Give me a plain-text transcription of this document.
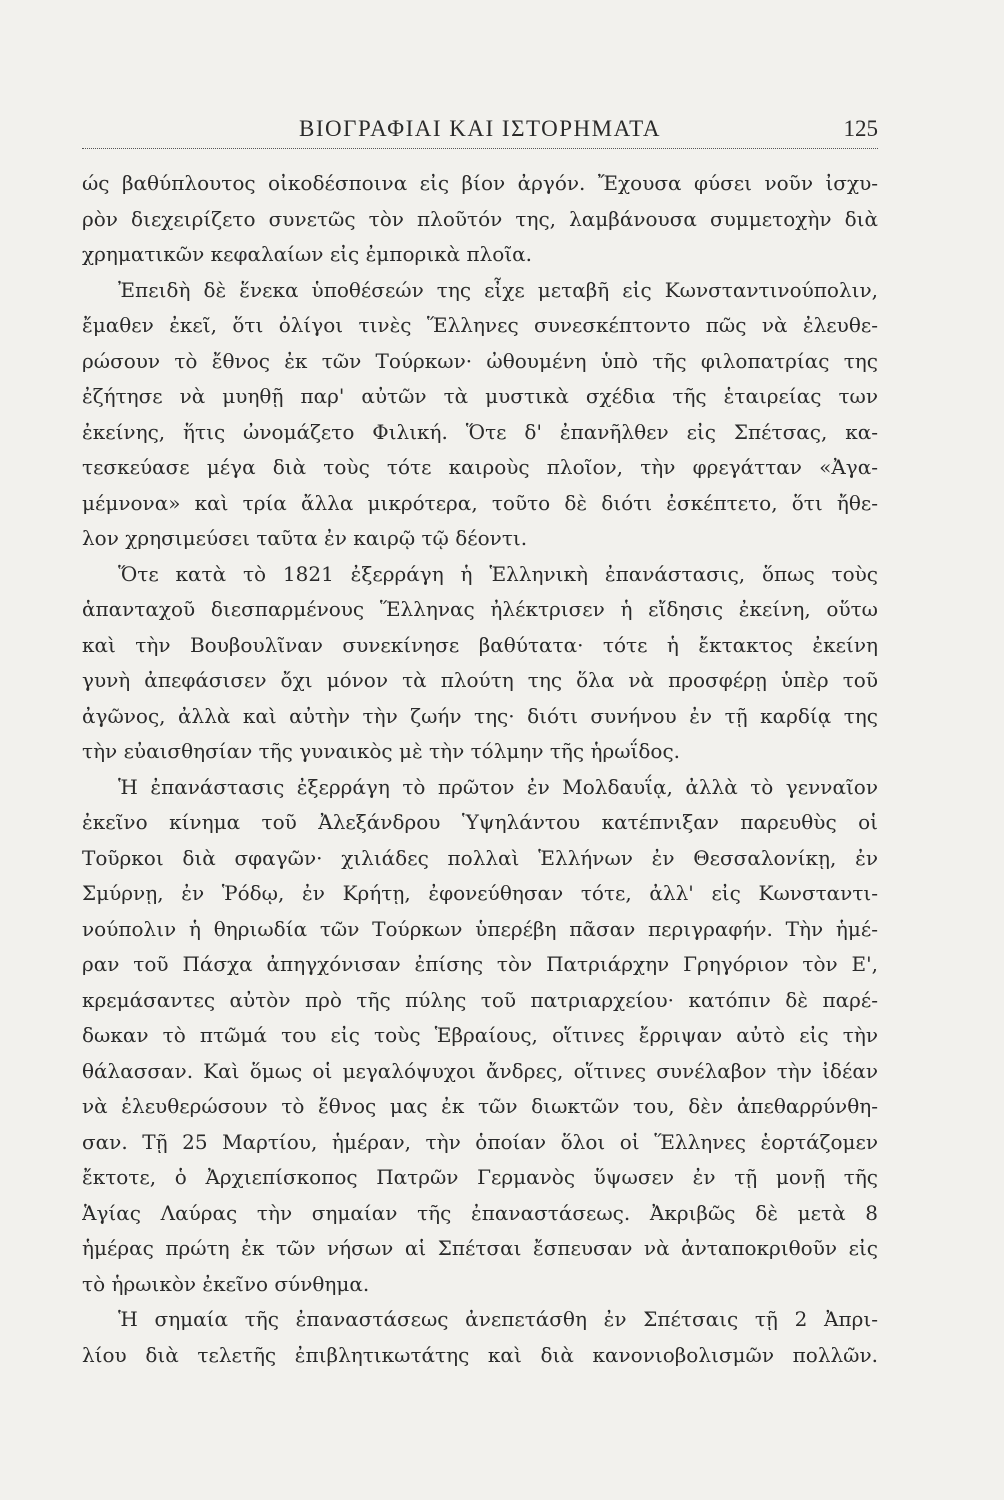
ΒΙΟΓΡΑΦΙΑΙ ΚΑΙ ΙΣΤΟΡΗΜΑΤΑ	125
ώς βαθύπλουτος οἰκοδέσποινα εἰς βίον ἀργόν. Ἔχουσα φύσει νοῦν ἰσχυ-
ρὸν διεχειρίζετο συνετῶς τὸν πλοῦτόν της, λαμβάνουσα συμμετοχὴν διὰ
χρηματικῶν κεφαλαίων εἰς ἐμπορικὰ πλοῖα.
Ἐπειδὴ δὲ ἕνεκα ὑποθέσεών της εἶχε μεταβῆ εἰς Κωνσταντινούπολιν,
ἔμαθεν ἐκεῖ, ὅτι ὀλίγοι τινὲς Ἕλληνες συνεσκέπτοντο πῶς νὰ ἐλευθε-
ρώσουν τὸ ἔθνος ἐκ τῶν Τούρκων· ὠθουμένη ὑπὸ τῆς φιλοπατρίας της
ἐζήτησε νὰ μυηθῇ παρ' αὐτῶν τὰ μυστικὰ σχέδια τῆς ἑταιρείας των
ἐκείνης, ἥτις ὠνομάζετο Φιλική. Ὅτε δ' ἐπανῆλθεν εἰς Σπέτσας, κα-
τεσκεύασε μέγα διὰ τοὺς τότε καιροὺς πλοῖον, τὴν φρεγάτταν «Ἀγα-
μέμνονα» καὶ τρία ἄλλα μικρότερα, τοῦτο δὲ διότι ἐσκέπτετο, ὅτι ἤθε-
λον χρησιμεύσει ταῦτα ἐν καιρῷ τῷ δέοντι.
Ὅτε κατὰ τὸ 1821 ἐξερράγη ἡ Ἑλληνικὴ ἐπανάστασις, ὅπως τοὺς
ἁπανταχοῦ διεσπαρμένους Ἕλληνας ἠλέκτρισεν ἡ εἴδησις ἐκείνη, οὕτω
καὶ τὴν Βουβουλῖναν συνεκίνησε βαθύτατα· τότε ἡ ἔκτακτος ἐκείνη
γυνὴ ἀπεφάσισεν ὄχι μόνον τὰ πλούτη της ὅλα νὰ προσφέρῃ ὑπὲρ τοῦ
ἀγῶνος, ἀλλὰ καὶ αὐτὴν τὴν ζωήν της· διότι συνήνου ἐν τῇ καρδίᾳ της
τὴν εὐαισθησίαν τῆς γυναικὸς μὲ τὴν τόλμην τῆς ἡρωΐδος.
Ἡ ἐπανάστασις ἐξερράγη τὸ πρῶτον ἐν Μολδαυΐᾳ, ἀλλὰ τὸ γενναῖον
ἐκεῖνο κίνημα τοῦ Ἀλεξάνδρου Ὑψηλάντου κατέπνιξαν παρευθὺς οἱ
Τοῦρκοι διὰ σφαγῶν· χιλιάδες πολλαὶ Ἑλλήνων ἐν Θεσσαλονίκῃ, ἐν
Σμύρνῃ, ἐν Ῥόδῳ, ἐν Κρήτῃ, ἐφονεύθησαν τότε, ἀλλ' εἰς Κωνσταντι-
νούπολιν ἡ θηριωδία τῶν Τούρκων ὑπερέβη πᾶσαν περιγραφήν. Τὴν ἡμέ-
ραν τοῦ Πάσχα ἀπηγχόνισαν ἐπίσης τὸν Πατριάρχην Γρηγόριον τὸν Ε',
κρεμάσαντες αὐτὸν πρὸ τῆς πύλης τοῦ πατριαρχείου· κατόπιν δὲ παρέ-
δωκαν τὸ πτῶμά του εἰς τοὺς Ἑβραίους, οἵτινες ἔρριψαν αὐτὸ εἰς τὴν
θάλασσαν. Καὶ ὅμως οἱ μεγαλόψυχοι ἄνδρες, οἵτινες συνέλαβον τὴν ἰδέαν
νὰ ἐλευθερώσουν τὸ ἔθνος μας ἐκ τῶν διωκτῶν του, δὲν ἀπεθαρρύνθη-
σαν. Τῇ 25 Μαρτίου, ἡμέραν, τὴν ὁποίαν ὅλοι οἱ Ἕλληνες ἑορτάζομεν
ἔκτοτε, ὁ Ἀρχιεπίσκοπος Πατρῶν Γερμανὸς ὕψωσεν ἐν τῇ μονῇ τῆς
Ἁγίας Λαύρας τὴν σημαίαν τῆς ἐπαναστάσεως. Ἀκριβῶς δὲ μετὰ 8
ἡμέρας πρώτη ἐκ τῶν νήσων αἱ Σπέτσαι ἔσπευσαν νὰ ἀνταποκριθοῦν εἰς
τὸ ἡρωικὸν ἐκεῖνο σύνθημα.
Ἡ σημαία τῆς ἐπαναστάσεως ἀνεπετάσθη ἐν Σπέτσαις τῇ 2 Ἀπρι-
λίου διὰ τελετῆς ἐπιβλητικωτάτης καὶ διὰ κανονιοβολισμῶν πολλῶν.
